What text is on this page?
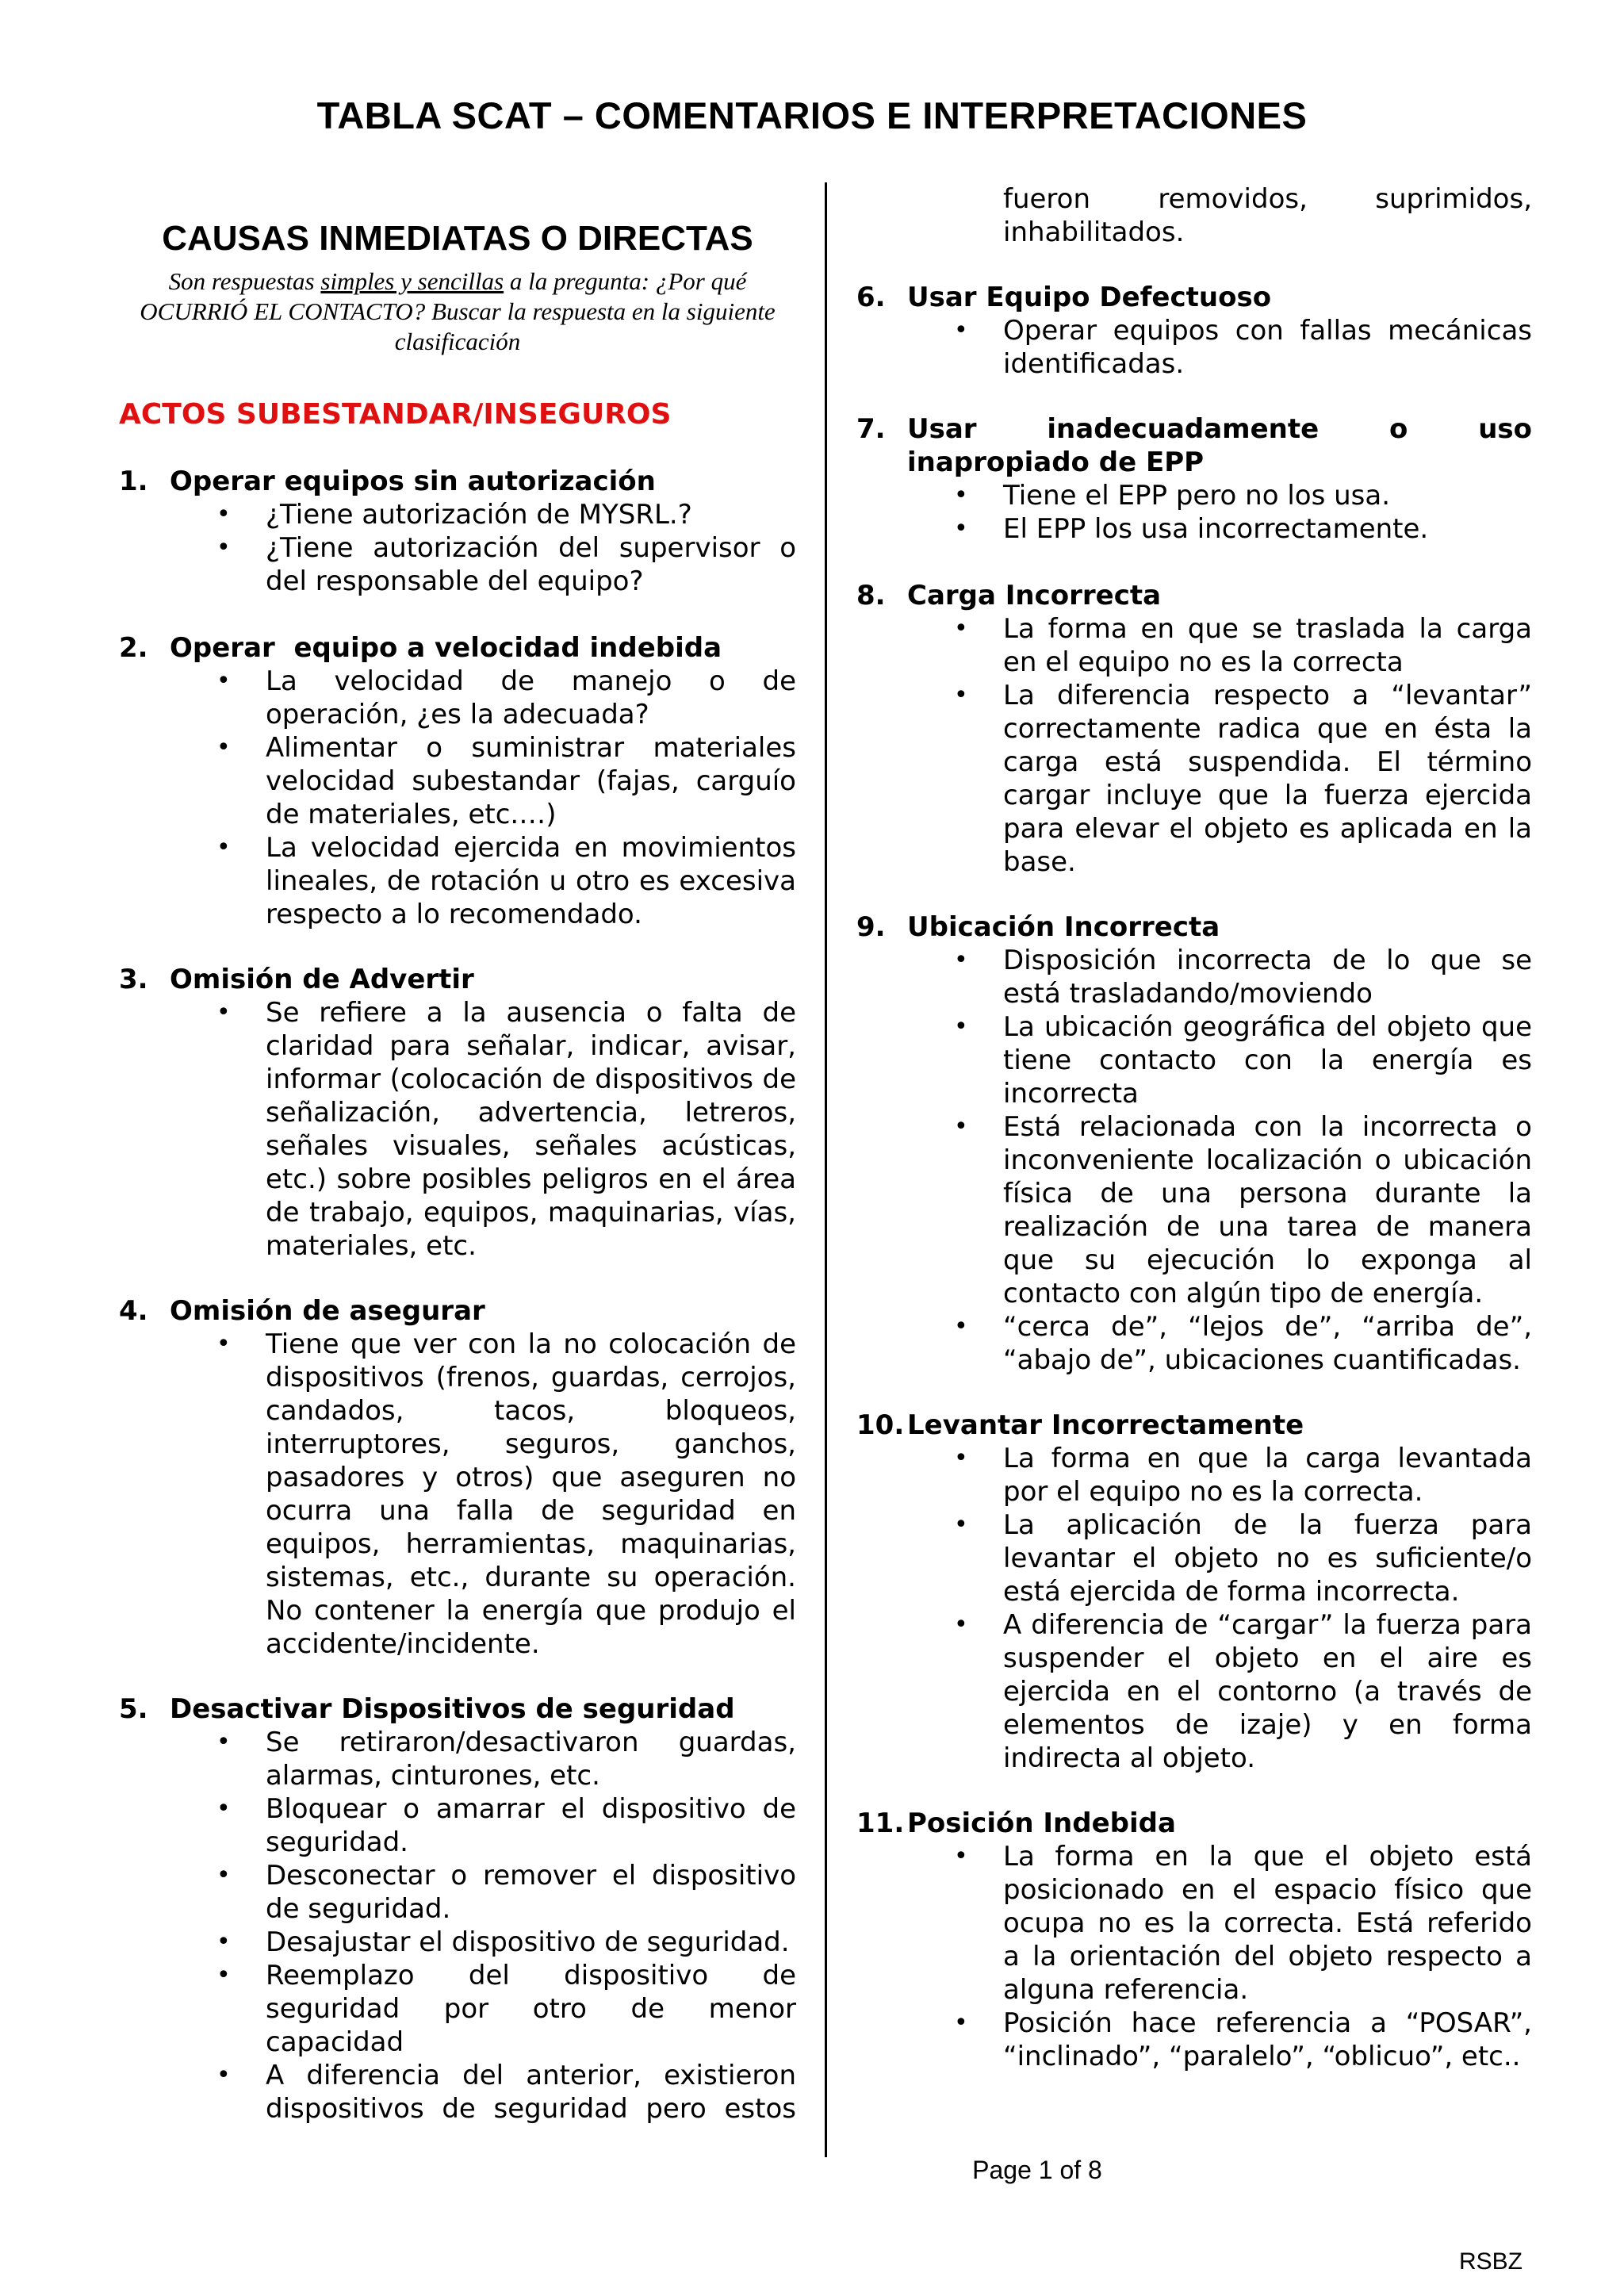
TABLA SCAT – COMENTARIOS E INTERPRETACIONES
CAUSAS INMEDIATAS O DIRECTAS
Son respuestas simples y sencillas a la pregunta: ¿Por qué OCURRIÓ EL CONTACTO? Buscar la respuesta en la siguiente clasificación
ACTOS SUBESTANDAR/INSEGUROS
1. Operar equipos sin autorización
• ¿Tiene autorización de MYSRL.?
• ¿Tiene autorización del supervisor o del responsable del equipo?
2. Operar  equipo a velocidad indebida
• La velocidad de manejo o de operación, ¿es la adecuada?
• Alimentar o suministrar materiales velocidad subestandar (fajas, carguío de materiales, etc.…)
• La velocidad ejercida en movimientos lineales, de rotación u otro es excesiva respecto a lo recomendado.
3. Omisión de Advertir
• Se refiere a la ausencia o falta de claridad para señalar, indicar, avisar, informar (colocación de dispositivos de señalización, advertencia, letreros, señales visuales, señales acústicas, etc.) sobre posibles peligros en el área de trabajo, equipos, maquinarias, vías, materiales, etc.
4. Omisión de asegurar
• Tiene que ver con la no colocación de dispositivos (frenos, guardas, cerrojos, candados, tacos, bloqueos, interruptores, seguros, ganchos, pasadores y otros) que aseguren no ocurra una falla de seguridad en equipos, herramientas, maquinarias, sistemas, etc., durante su operación. No contener la energía que produjo el accidente/incidente.
5. Desactivar Dispositivos de seguridad
• Se retiraron/desactivaron guardas, alarmas, cinturones, etc.
• Bloquear o amarrar el dispositivo de seguridad.
• Desconectar o remover el dispositivo de seguridad.
• Desajustar el dispositivo de seguridad.
• Reemplazo del dispositivo de seguridad por otro de menor capacidad
• A diferencia del anterior, existieron dispositivos de seguridad pero estos
fueron removidos, suprimidos, inhabilitados.
6. Usar Equipo Defectuoso
• Operar equipos con fallas mecánicas identificadas.
7. Usar inadecuadamente o uso inapropiado de EPP
• Tiene el EPP pero no los usa.
• El EPP los usa incorrectamente.
8. Carga Incorrecta
• La forma en que se traslada la carga en el equipo no es la correcta
• La diferencia respecto a “levantar” correctamente radica que en ésta la carga está suspendida. El término cargar incluye que la fuerza ejercida para elevar el objeto es aplicada en la base.
9. Ubicación Incorrecta
• Disposición incorrecta de lo que se está trasladando/moviendo
• La ubicación geográfica del objeto que tiene contacto con la energía es incorrecta
• Está relacionada con la incorrecta o inconveniente localización o ubicación física de una persona durante la realización de una tarea de manera que su ejecución lo exponga al contacto con algún tipo de energía.
• “cerca de”, “lejos de”, “arriba de”, “abajo de”, ubicaciones cuantificadas.
10. Levantar Incorrectamente
• La forma en que la carga levantada por el equipo no es la correcta.
• La aplicación de la fuerza para levantar el objeto no es suficiente/o está ejercida de forma incorrecta.
• A diferencia de “cargar” la fuerza para suspender el objeto en el aire es ejercida en el contorno (a través de elementos de izaje) y en forma indirecta al objeto.
11. Posición Indebida
• La forma en la que el objeto está posicionado en el espacio físico que ocupa no es la correcta. Está referido a la orientación del objeto respecto a alguna referencia.
• Posición hace referencia a “POSAR”, “inclinado”, “paralelo”, “oblicuo”, etc..
Page 1 of 8
RSBZ
